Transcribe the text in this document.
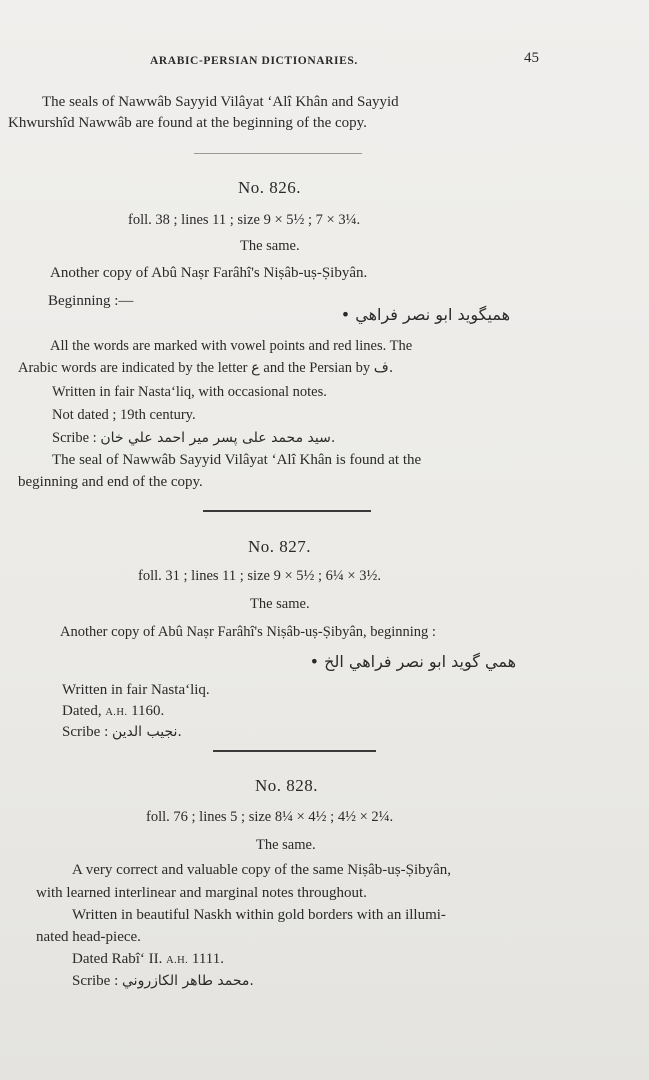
ARABIC-PERSIAN DICTIONARIES.	45
The seals of Nawwâb Sayyid Vilâyat ‘Alî Khân and Sayyid
Khwurshîd Nawwâb are found at the beginning of the copy.
No. 826.
foll. 38 ; lines 11 ; size 9 × 5½ ; 7 × 3¼.
The same.
Another copy of Abû Naṣr Farâhî's Niṣâb-uṣ-Ṣibyân.
Beginning :—
همیگوید ابو نصر فراهي •
All the words are marked with vowel points and red lines. The
Arabic words are indicated by the letter ع and the Persian by ف.
Written in fair Nasta‘liq, with occasional notes.
Not dated ; 19th century.
Scribe : سید محمد علی پسر میر احمد علي خان.
The seal of Nawwâb Sayyid Vilâyat ‘Alî Khân is found at the
beginning and end of the copy.
No. 827.
foll. 31 ; lines 11 ; size 9 × 5½ ; 6¼ × 3½.
The same.
Another copy of Abû Naṣr Farâhî's Niṣâb-uṣ-Ṣibyân, beginning :
همي گوید ابو نصر فراهي الخ •
Written in fair Nasta‘liq.
Dated, A.H. 1160.
Scribe : نجیب الدین.
No. 828.
foll. 76 ; lines 5 ; size 8¼ × 4½ ; 4½ × 2¼.
The same.
A very correct and valuable copy of the same Niṣâb-uṣ-Ṣibyân,
with learned interlinear and marginal notes throughout.
Written in beautiful Naskh within gold borders with an illumi-
nated head-piece.
Dated Rabî‘ II. A.H. 1111.
Scribe : محمد طاهر الكازروني.
